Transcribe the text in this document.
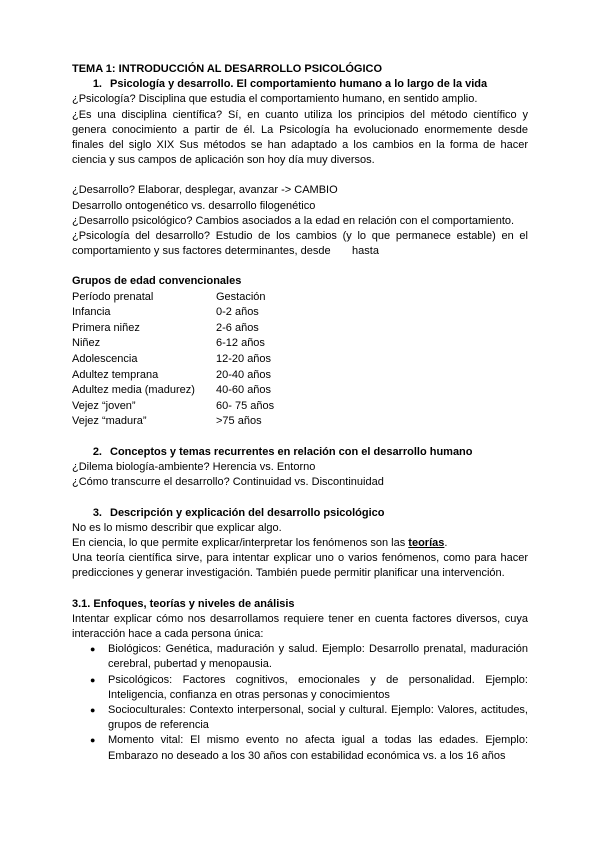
TEMA 1: INTRODUCCIÓN AL DESARROLLO PSICOLÓGICO

1. Psicología y desarrollo. El comportamiento humano a lo largo de la vida

¿Psicología? Disciplina que estudia el comportamiento humano, en sentido amplio.

¿Es una disciplina científica? Sí, en cuanto utiliza los principios del método científico y genera conocimiento a partir de él. La Psicología ha evolucionado enormemente desde finales del siglo XIX Sus métodos se han adaptado a los cambios en la forma de hacer ciencia y sus campos de aplicación son hoy día muy diversos.

¿Desarrollo? Elaborar, desplegar, avanzar -> CAMBIO

Desarrollo ontogenético vs. desarrollo filogenético

¿Desarrollo psicológico? Cambios asociados a la edad en relación con el comportamiento.

¿Psicología del desarrollo? Estudio de los cambios (y lo que permanece estable) en el comportamiento y sus factores determinantes, desde       hasta

Grupos de edad convencionales

Período prenatal	Gestación
Infancia	0-2 años
Primera niñez	2-6 años
Niñez	6-12 años
Adolescencia	12-20 años
Adultez temprana	20-40 años
Adultez media (madurez)	40-60 años
Vejez “joven”	60- 75 años
Vejez “madura”	>75 años
2. Conceptos y temas recurrentes en relación con el desarrollo humano

¿Dilema biología-ambiente? Herencia vs. Entorno

¿Cómo transcurre el desarrollo? Continuidad vs. Discontinuidad

3. Descripción y explicación del desarrollo psicológico

No es lo mismo describir que explicar algo.

En ciencia, lo que permite explicar/interpretar los fenómenos son las teorías.

Una teoría científica sirve, para intentar explicar uno o varios fenómenos, como para hacer predicciones y generar investigación. También puede permitir planificar una intervención.

3.1. Enfoques, teorías y niveles de análisis

Intentar explicar cómo nos desarrollamos requiere tener en cuenta factores diversos, cuya interacción hace a cada persona única:

● Biológicos: Genética, maduración y salud. Ejemplo: Desarrollo prenatal, maduración cerebral, pubertad y menopausia.
● Psicológicos: Factores cognitivos, emocionales y de personalidad. Ejemplo: Inteligencia, confianza en otras personas y conocimientos
● Socioculturales: Contexto interpersonal, social y cultural. Ejemplo: Valores, actitudes, grupos de referencia
● Momento vital: El mismo evento no afecta igual a todas las edades. Ejemplo: Embarazo no deseado a los 30 años con estabilidad económica vs. a los 16 años
